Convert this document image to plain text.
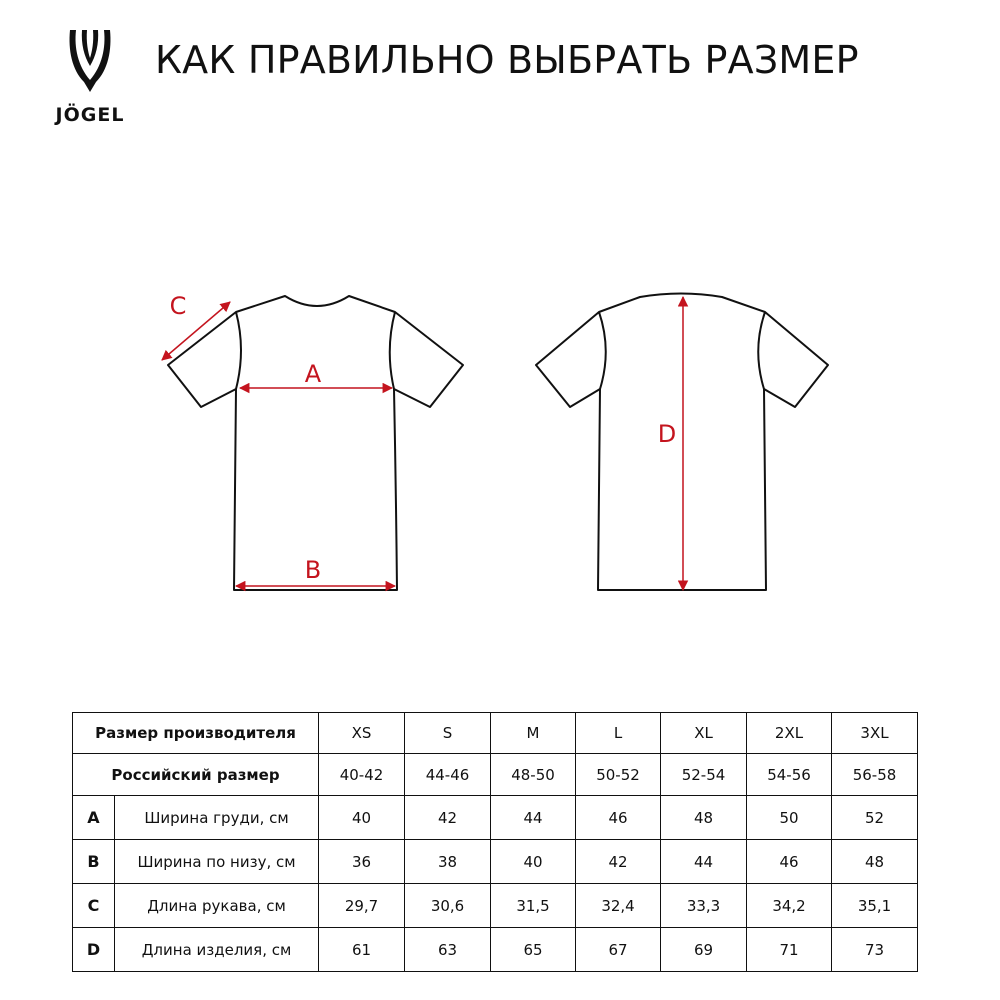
JÖGEL
КАК ПРАВИЛЬНО ВЫБРАТЬ РАЗМЕР
A
B
C
D
Размер производителя		XS	S	M	L	XL	2XL	3XL
Российский размер		40-42	44-46	48-50	50-52	52-54	54-56	56-58
A	Ширина груди, см	40	42	44	46	48	50	52
B	Ширина по низу, см	36	38	40	42	44	46	48
C	Длина рукава, см	29,7	30,6	31,5	32,4	33,3	34,2	35,1
D	Длина изделия, см	61	63	65	67	69	71	73
